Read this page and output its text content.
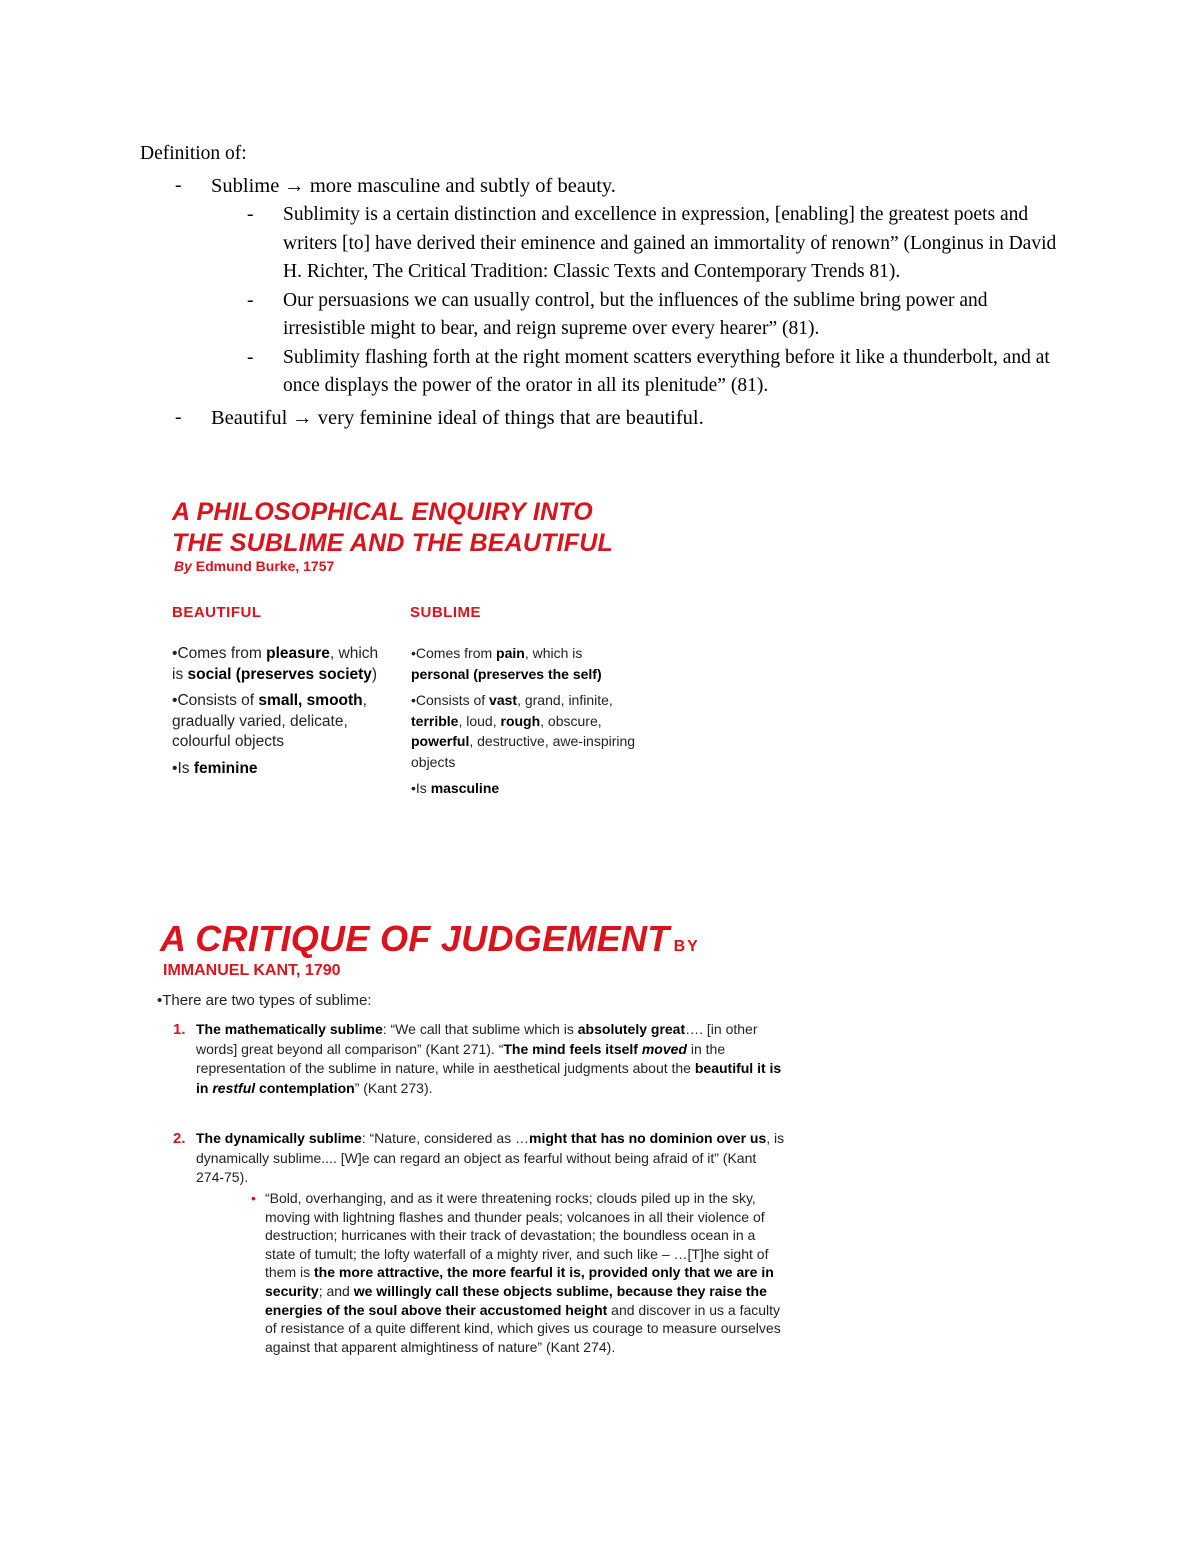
Definition of:
- Sublime → more masculine and subtly of beauty.
- Sublimity is a certain distinction and excellence in expression, [enabling] the greatest poets and writers [to] have derived their eminence and gained an immortality of renown” (Longinus in David H. Richter, The Critical Tradition: Classic Texts and Contemporary Trends 81).
- Our persuasions we can usually control, but the influences of the sublime bring power and irresistible might to bear, and reign supreme over every hearer” (81).
- Sublimity flashing forth at the right moment scatters everything before it like a thunderbolt, and at once displays the power of the orator in all its plenitude” (81).
- Beautiful → very feminine ideal of things that are beautiful.
A PHILOSOPHICAL ENQUIRY INTO
THE SUBLIME AND THE BEAUTIFUL
By Edmund Burke, 1757
BEAUTIFUL	SUBLIME
•Comes from pleasure, which is social (preserves society)
•Consists of small, smooth, gradually varied, delicate, colourful objects
•Is feminine
•Comes from pain, which is personal (preserves the self)
•Consists of vast, grand, infinite, terrible, loud, rough, obscure, powerful, destructive, awe-inspiring objects
•Is masculine
A CRITIQUE OF JUDGEMENT BY
IMMANUEL KANT, 1790
•There are two types of sublime:
1. The mathematically sublime: “We call that sublime which is absolutely great…. [in other words] great beyond all comparison” (Kant 271). “The mind feels itself moved in the representation of the sublime in nature, while in aesthetical judgments about the beautiful it is in restful contemplation” (Kant 273).
2. The dynamically sublime: “Nature, considered as …might that has no dominion over us, is dynamically sublime.... [W]e can regard an object as fearful without being afraid of it” (Kant 274-75).
• “Bold, overhanging, and as it were threatening rocks; clouds piled up in the sky, moving with lightning flashes and thunder peals; volcanoes in all their violence of destruction; hurricanes with their track of devastation; the boundless ocean in a state of tumult; the lofty waterfall of a mighty river, and such like – …[T]he sight of them is the more attractive, the more fearful it is, provided only that we are in security; and we willingly call these objects sublime, because they raise the energies of the soul above their accustomed height and discover in us a faculty of resistance of a quite different kind, which gives us courage to measure ourselves against that apparent almightiness of nature” (Kant 274).
